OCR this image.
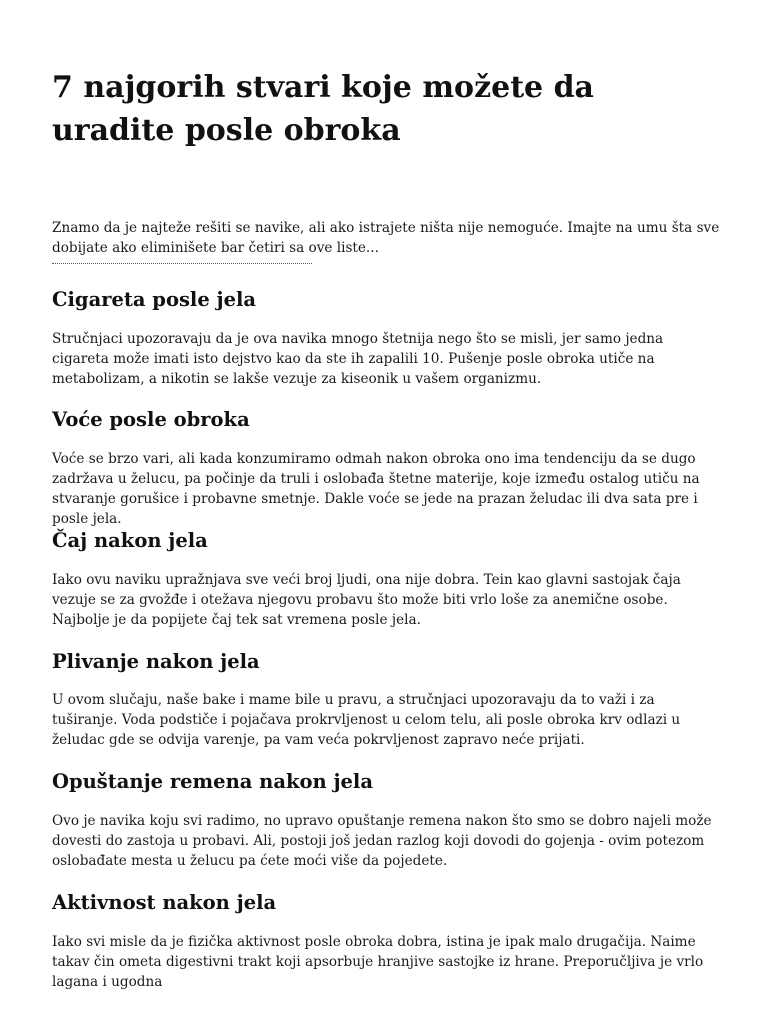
7 najgorih stvari koje možete da uradite posle obroka

Znamo da je najteže rešiti se navike, ali ako istrajete ništa nije nemoguće. Imajte na umu šta sve dobijate ako eliminišete bar četiri sa ove liste...

Cigareta posle jela

Stručnjaci upozoravaju da je ova navika mnogo štetnija nego što se misli, jer samo jedna cigareta može imati isto dejstvo kao da ste ih zapalili 10. Pušenje posle obroka utiče na metabolizam, a nikotin se lakše vezuje za kiseonik u vašem organizmu.

Voće posle obroka

Voće se brzo vari, ali kada konzumiramo odmah nakon obroka ono ima tendenciju da se dugo zadržava u želucu, pa počinje da truli i oslobađa štetne materije, koje između ostalog utiču na stvaranje gorušice i probavne smetnje. Dakle voće se jede na prazan želudac ili dva sata pre i posle jela.

Čaj nakon jela

Iako ovu naviku upražnjava sve veći broj ljudi, ona nije dobra. Tein kao glavni sastojak čaja vezuje se za gvožđe i otežava njegovu probavu što može biti vrlo loše za anemične osobe. Najbolje je da popijete čaj tek sat vremena posle jela.

Plivanje nakon jela

U ovom slučaju, naše bake i mame bile u pravu, a stručnjaci upozoravaju da to važi i za tuširanje. Voda podstiče i pojačava prokrvljenost u celom telu, ali posle obroka krv odlazi u želudac gde se odvija varenje, pa vam veća pokrvljenost zapravo neće prijati.

Opuštanje remena nakon jela

Ovo je navika koju svi radimo, no upravo opuštanje remena nakon što smo se dobro najeli može dovesti do zastoja u probavi. Ali, postoji još jedan razlog koji dovodi do gojenja - ovim potezom oslobađate mesta u želucu pa ćete moći više da pojedete.

Aktivnost nakon jela

Iako svi misle da je fizička aktivnost posle obroka dobra, istina je ipak malo drugačija. Naime takav čin ometa digestivni trakt koji apsorbuje hranjive sastojke iz hrane. Preporučljiva je vrlo lagana i ugodna
